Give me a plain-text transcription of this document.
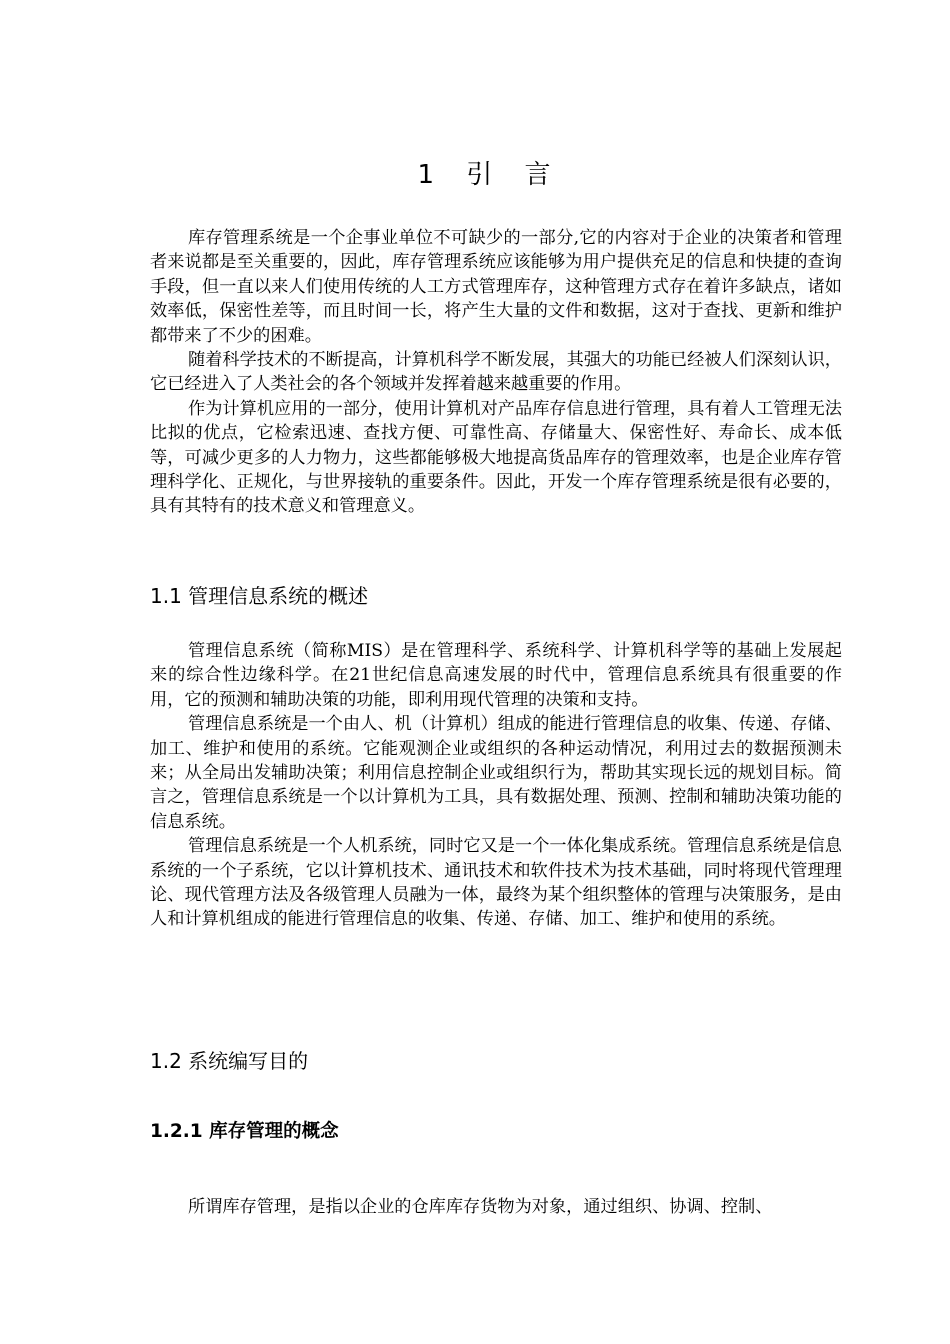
1 引 言

库存管理系统是一个企事业单位不可缺少的一部分,它的内容对于企业的决策者和管理者来说都是至关重要的，因此，库存管理系统应该能够为用户提供充足的信息和快捷的查询手段，但一直以来人们使用传统的人工方式管理库存，这种管理方式存在着许多缺点，诸如效率低，保密性差等，而且时间一长，将产生大量的文件和数据，这对于查找、更新和维护都带来了不少的困难。

随着科学技术的不断提高，计算机科学不断发展，其强大的功能已经被人们深刻认识，它已经进入了人类社会的各个领域并发挥着越来越重要的作用。

作为计算机应用的一部分，使用计算机对产品库存信息进行管理，具有着人工管理无法比拟的优点，它检索迅速、查找方便、可靠性高、存储量大、保密性好、寿命长、成本低等，可减少更多的人力物力，这些都能够极大地提高货品库存的管理效率，也是企业库存管理科学化、正规化，与世界接轨的重要条件。因此，开发一个库存管理系统是很有必要的，具有其特有的技术意义和管理意义。

1.1 管理信息系统的概述

管理信息系统（简称MIS）是在管理科学、系统科学、计算机科学等的基础上发展起来的综合性边缘科学。在21世纪信息高速发展的时代中，管理信息系统具有很重要的作用，它的预测和辅助决策的功能，即利用现代管理的决策和支持。

管理信息系统是一个由人、机（计算机）组成的能进行管理信息的收集、传递、存储、加工、维护和使用的系统。它能观测企业或组织的各种运动情况，利用过去的数据预测未来；从全局出发辅助决策；利用信息控制企业或组织行为，帮助其实现长远的规划目标。简言之，管理信息系统是一个以计算机为工具，具有数据处理、预测、控制和辅助决策功能的信息系统。

管理信息系统是一个人机系统，同时它又是一个一体化集成系统。管理信息系统是信息系统的一个子系统，它以计算机技术、通讯技术和软件技术为技术基础，同时将现代管理理论、现代管理方法及各级管理人员融为一体，最终为某个组织整体的管理与决策服务，是由人和计算机组成的能进行管理信息的收集、传递、存储、加工、维护和使用的系统。

1.2 系统编写目的
1.2.1 库存管理的概念

所谓库存管理，是指以企业的仓库库存货物为对象，通过组织、协调、控制、
